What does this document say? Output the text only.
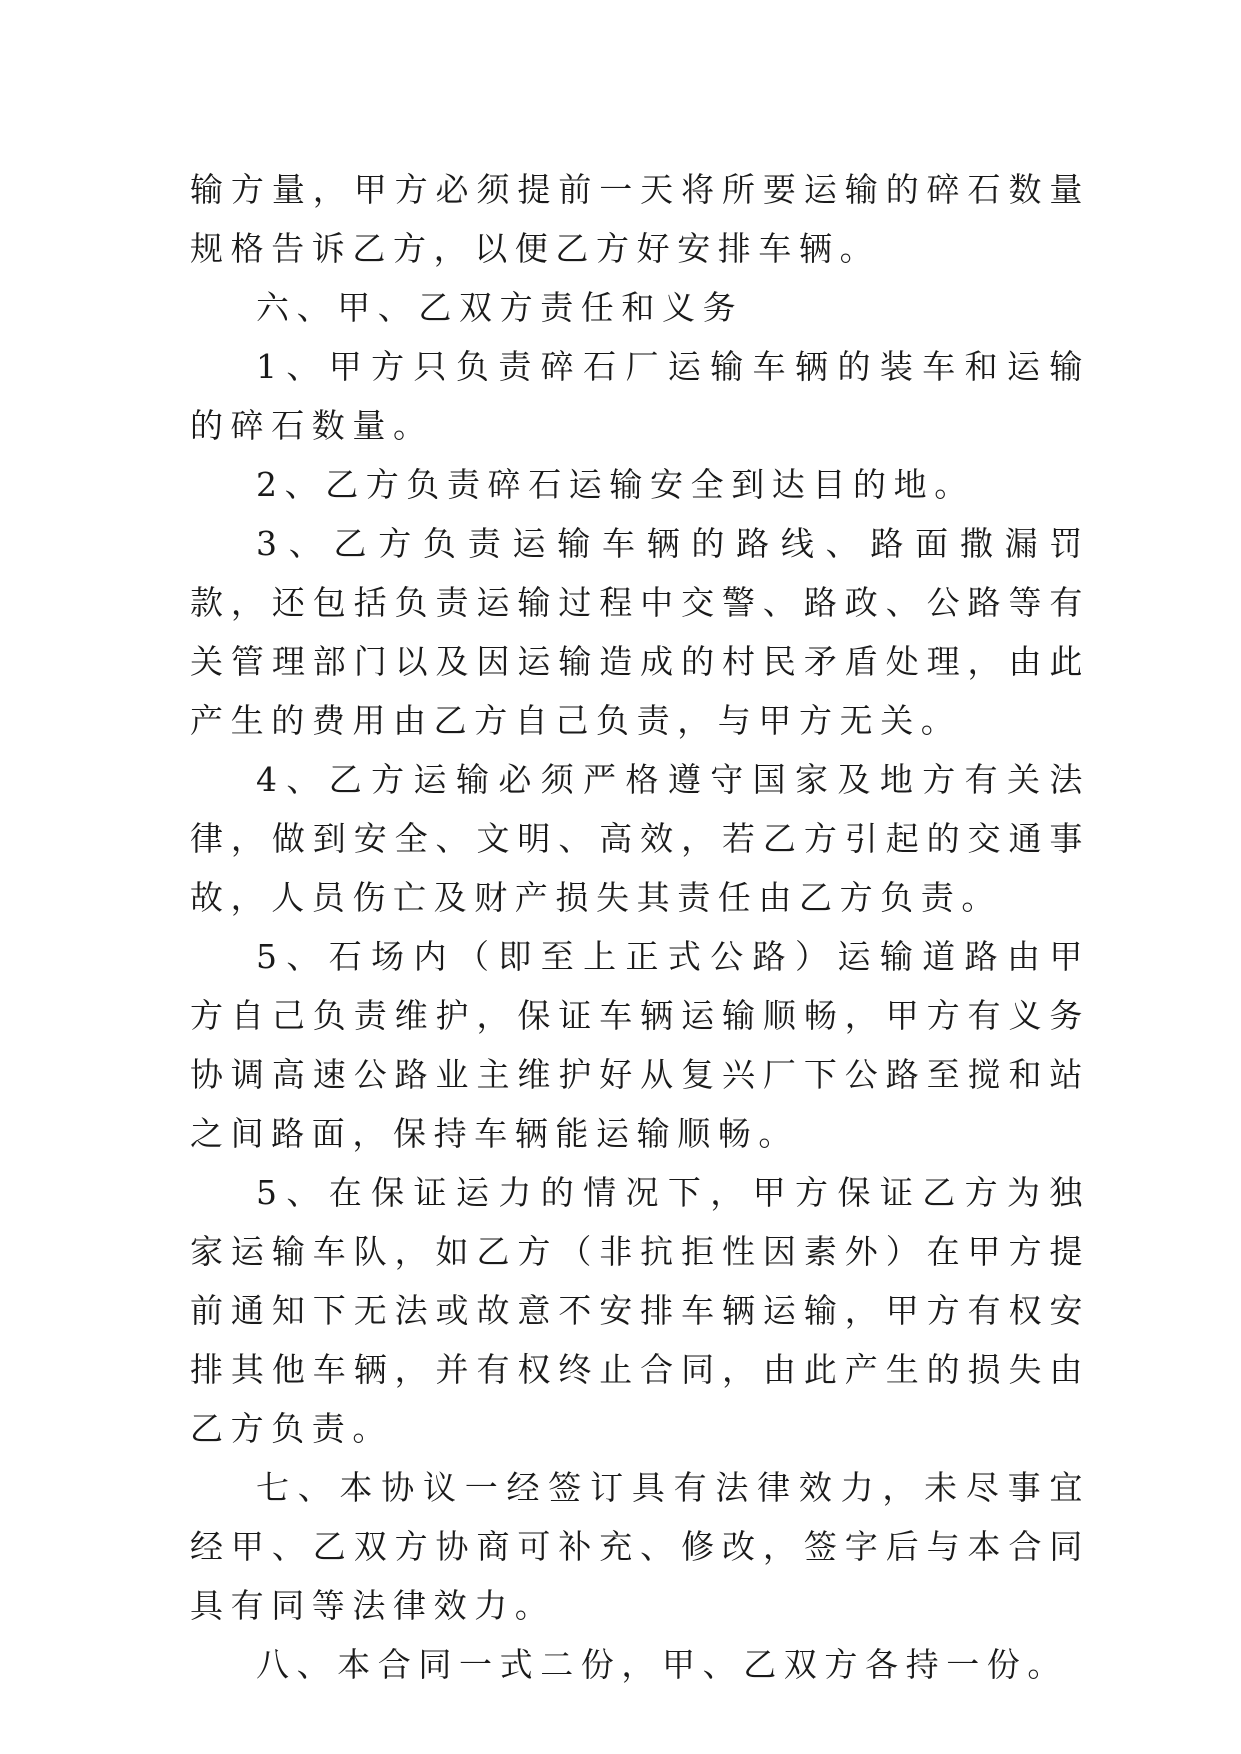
输方量，甲方必须提前一天将所要运输的碎石数量规格告诉乙方，以便乙方好安排车辆。

六、甲、乙双方责任和义务

1、甲方只负责碎石厂运输车辆的装车和运输的碎石数量。

2、乙方负责碎石运输安全到达目的地。

3、乙方负责运输车辆的路线、路面撒漏罚款，还包括负责运输过程中交警、路政、公路等有关管理部门以及因运输造成的村民矛盾处理，由此产生的费用由乙方自己负责，与甲方无关。

4、乙方运输必须严格遵守国家及地方有关法律，做到安全、文明、高效，若乙方引起的交通事故，人员伤亡及财产损失其责任由乙方负责。

5、石场内（即至上正式公路）运输道路由甲方自己负责维护，保证车辆运输顺畅，甲方有义务协调高速公路业主维护好从复兴厂下公路至搅和站之间路面，保持车辆能运输顺畅。

5、在保证运力的情况下，甲方保证乙方为独家运输车队，如乙方（非抗拒性因素外）在甲方提前通知下无法或故意不安排车辆运输，甲方有权安排其他车辆，并有权终止合同，由此产生的损失由乙方负责。

七、本协议一经签订具有法律效力，未尽事宜经甲、乙双方协商可补充、修改，签字后与本合同具有同等法律效力。

八、本合同一式二份，甲、乙双方各持一份。
